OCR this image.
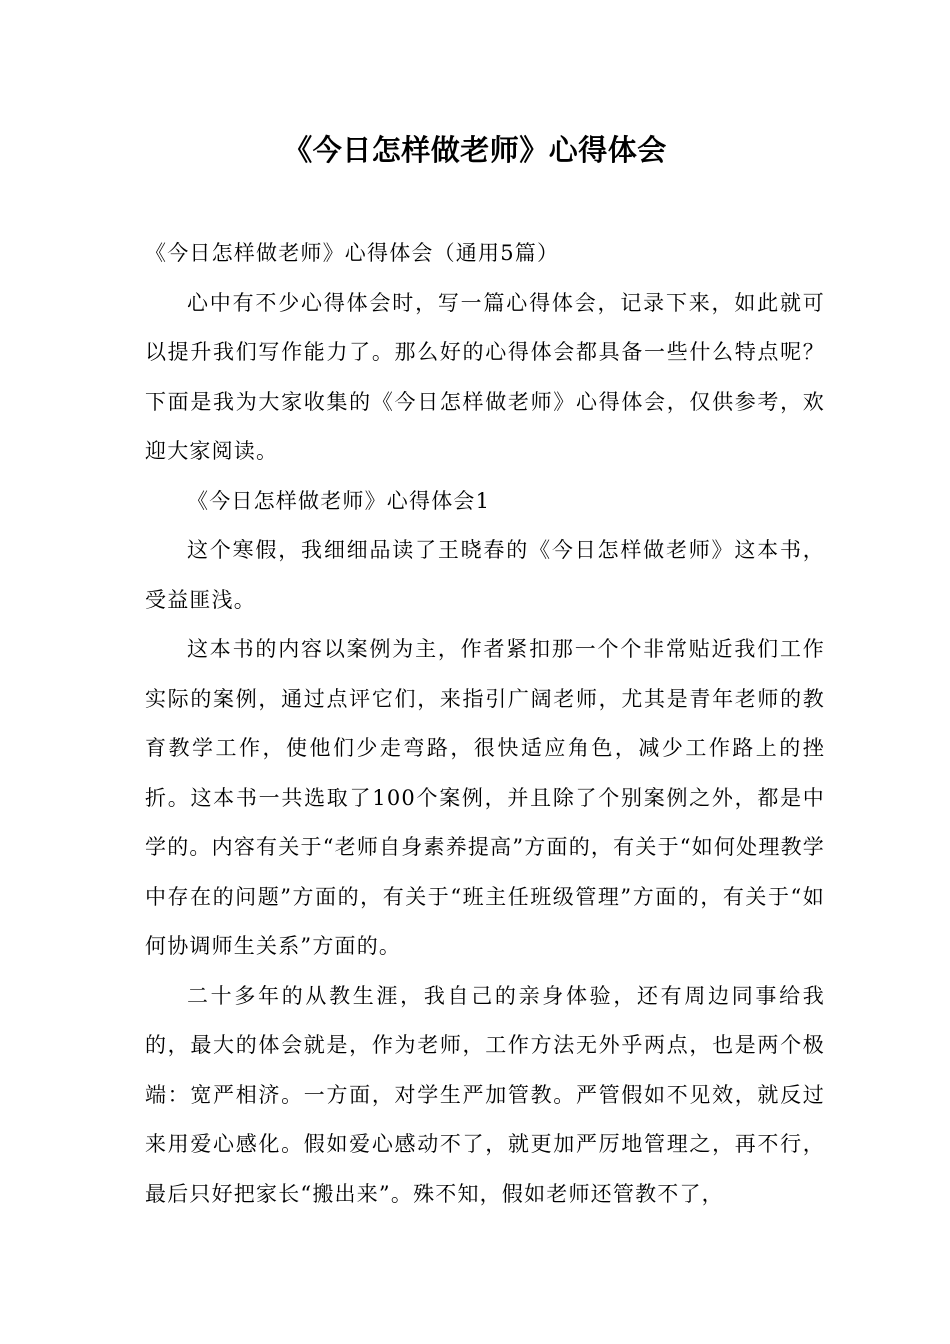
《今日怎样做老师》心得体会

《今日怎样做老师》心得体会（通用5篇）

心中有不少心得体会时，写一篇心得体会，记录下来，如此就可以提升我们写作能力了。那么好的心得体会都具备一些什么特点呢？下面是我为大家收集的《今日怎样做老师》心得体会，仅供参考，欢迎大家阅读。

《今日怎样做老师》心得体会1

这个寒假，我细细品读了王晓春的《今日怎样做老师》这本书，受益匪浅。

这本书的内容以案例为主，作者紧扣那一个个非常贴近我们工作实际的案例，通过点评它们，来指引广阔老师，尤其是青年老师的教育教学工作，使他们少走弯路，很快适应角色，减少工作路上的挫折。这本书一共选取了100个案例，并且除了个别案例之外，都是中学的。内容有关于“老师自身素养提高”方面的，有关于“如何处理教学中存在的问题”方面的，有关于“班主任班级管理”方面的，有关于“如何协调师生关系”方面的。

二十多年的从教生涯，我自己的亲身体验，还有周边同事给我的，最大的体会就是，作为老师，工作方法无外乎两点，也是两个极端：宽严相济。一方面，对学生严加管教。严管假如不见效，就反过来用爱心感化。假如爱心感动不了，就更加严厉地管理之，再不行，最后只好把家长“搬出来”。殊不知，假如老师还管教不了，
